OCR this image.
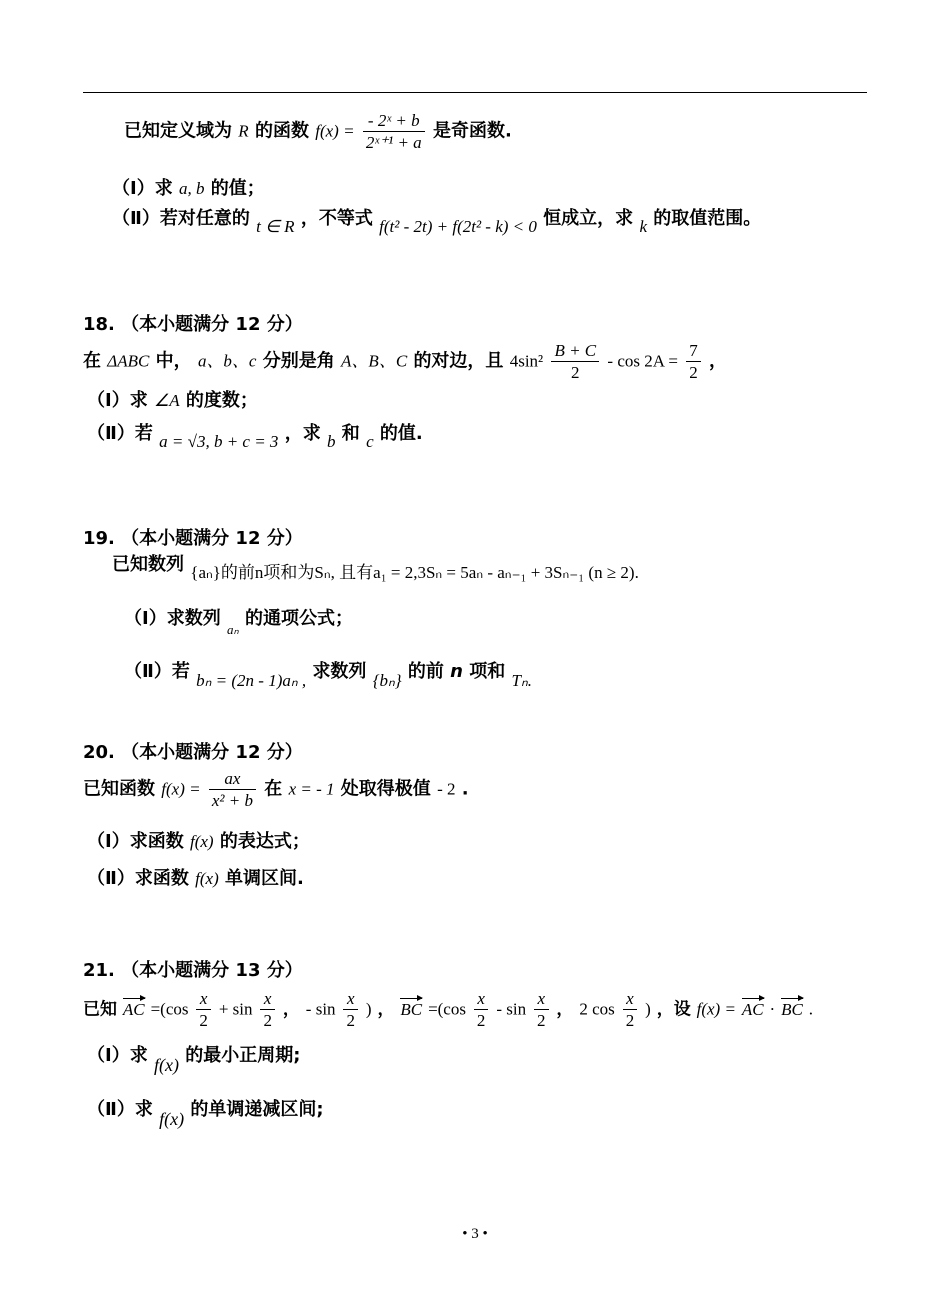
已知定义域为 R 的函数 $f(x) = \frac{\text{- 2ˣ + b}}{\text{2ˣ⁺¹ + a}}$ 是奇函数.
（Ⅰ）求 a, b 的值；
（Ⅱ）若对任意的 t ∈ R ，不等式 f(t² - 2t) + f(2t² - k) < 0 恒成立，求 k 的取值范围。
18. （本小题满分 12 分）
在 ΔABC 中， a、b、c 分别是角 A、B、C 的对边，且 $4\sin^2 \frac{B + C}{2} - \cos 2A = \frac{7}{2}$ ，
（Ⅰ）求 ∠A 的度数；
（Ⅱ）若 a = √3, b + c = 3 ，求 b 和 c 的值.
19. （本小题满分 12 分）
已知数列 {aₙ}的前n项和为Sₙ, 且有a₁ = 2,3Sₙ = 5aₙ - aₙ₋₁ + 3Sₙ₋₁ (n ≥ 2).
（Ⅰ）求数列 $_{a_n}$ 的通项公式；
（Ⅱ）若 bₙ = (2n - 1)aₙ , 求数列 {bₙ} 的前 n 项和 Tₙ.
20. （本小题满分 12 分）
已知函数 $f(x) = \frac{ax}{\text{x² + b}}$ 在 x = - 1 处取得极值 - 2 .
（Ⅰ）求函数 f(x) 的表达式；
（Ⅱ）求函数 f(x) 单调区间.
21. （本小题满分 13 分）
已知 AC $=(\cos \frac{x}{2} + \sin \frac{x}{2}$ ， - $\sin \frac{x}{2}$ ) ， BC $=(\cos \frac{x}{2} - \sin \frac{x}{2}$ ， 2 $\cos \frac{x}{2}$ ) ，设 f(x) = AC · BC .
（Ⅰ）求 f(x) 的最小正周期;
（Ⅱ）求 f(x) 的单调递减区间;
• 3 •
